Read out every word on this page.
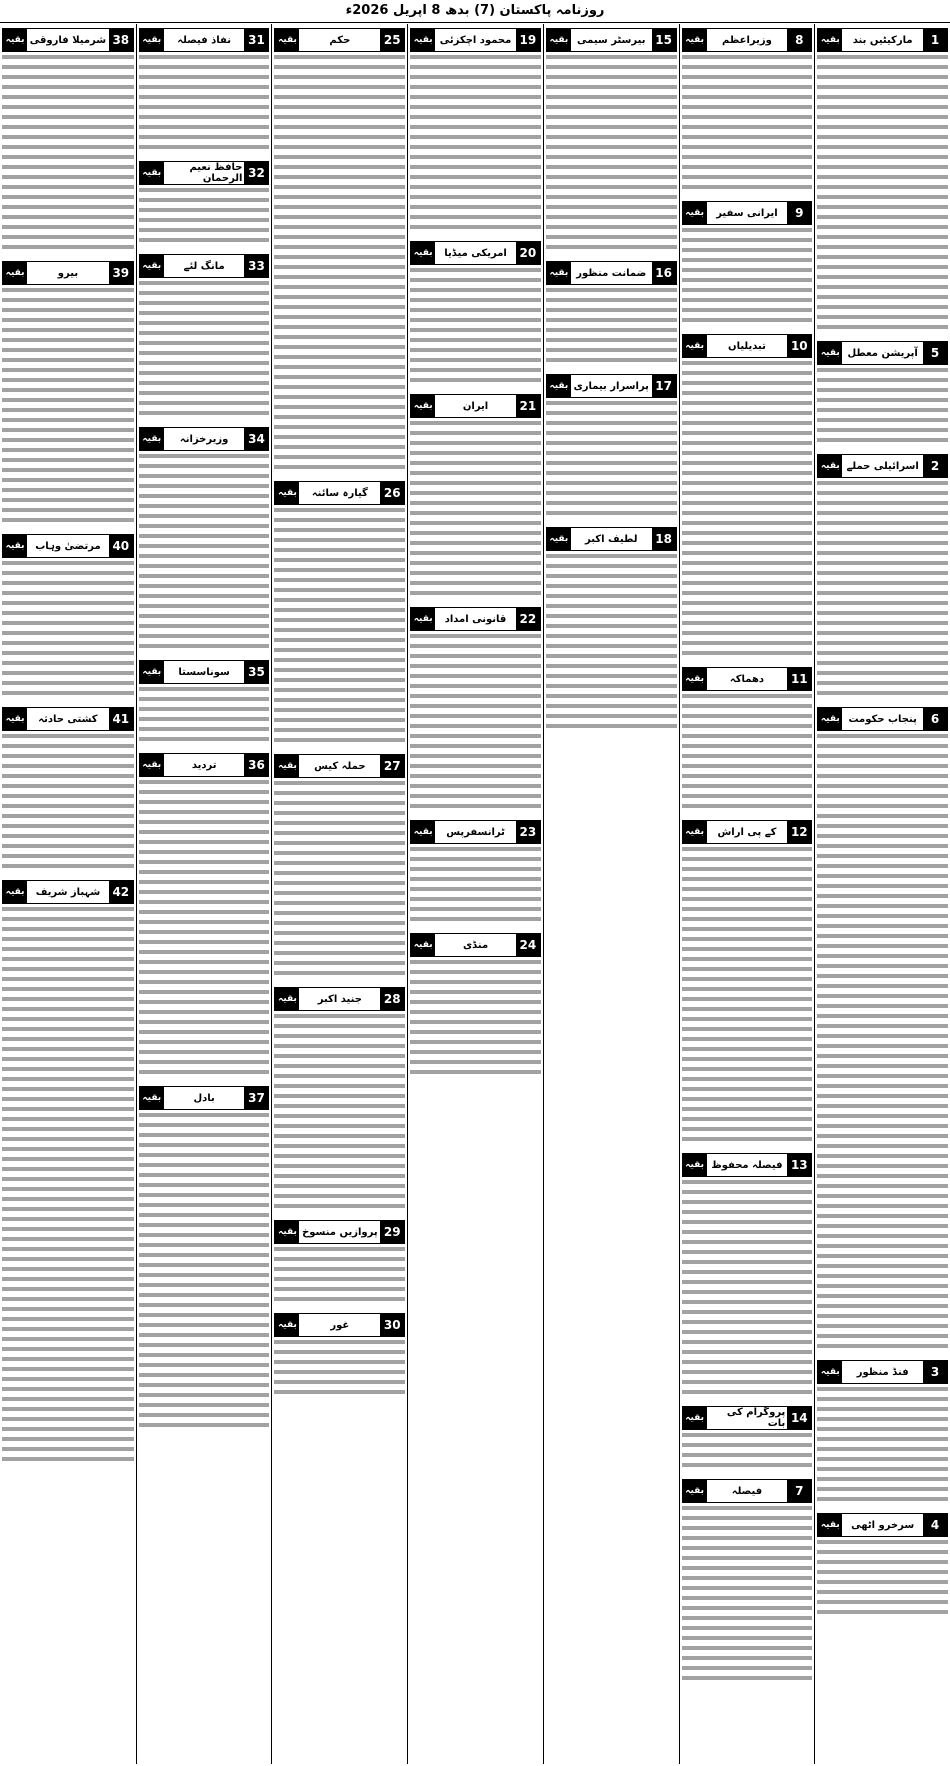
روزنامہ پاکستان (7) بدھ 8 اپریل 2026ء
1
مارکیٹیں بند
بقیہ
5
آپریشن معطل
بقیہ
2
اسرائیلی حملے
بقیہ
6
پنجاب حکومت
بقیہ
3
فنڈ منظور
بقیہ
4
سرخرو اٹھی
بقیہ
8
وزیراعظم
بقیہ
9
ایرانی سفیر
بقیہ
10
تبدیلیاں
بقیہ
11
دھماکہ
بقیہ
12
کے پی اراش
بقیہ
13
فیصلہ محفوظ
بقیہ
14
پروگرام کی بات
بقیہ
7
فیصلہ
بقیہ
15
بیرسٹر سیمی
بقیہ
16
ضمانت منظور
بقیہ
17
پراسرار بیماری
بقیہ
18
لطیف اکبر
بقیہ
19
محمود اچکزئی
بقیہ
20
امریکی میڈیا
بقیہ
21
ایران
بقیہ
22
قانونی امداد
بقیہ
23
ٹرانسفرپس
بقیہ
24
منڈی
بقیہ
25
حکم
بقیہ
26
گیارہ سائنہ
بقیہ
27
حملہ کیس
بقیہ
28
جنید اکبر
بقیہ
29
پروازیں منسوخ
بقیہ
30
غور
بقیہ
31
نفاذ فیصلہ
بقیہ
32
حافظ نعیم الرحمان
بقیہ
33
مانگ لئے
بقیہ
34
وزیرخزانہ
بقیہ
35
سوناسستا
بقیہ
36
تردید
بقیہ
37
بادل
بقیہ
38
شرمیلا فاروقی
بقیہ
39
بیرو
بقیہ
40
مرتضیٰ وہاب
بقیہ
41
کشتی حادثہ
بقیہ
42
شہباز شریف
بقیہ
